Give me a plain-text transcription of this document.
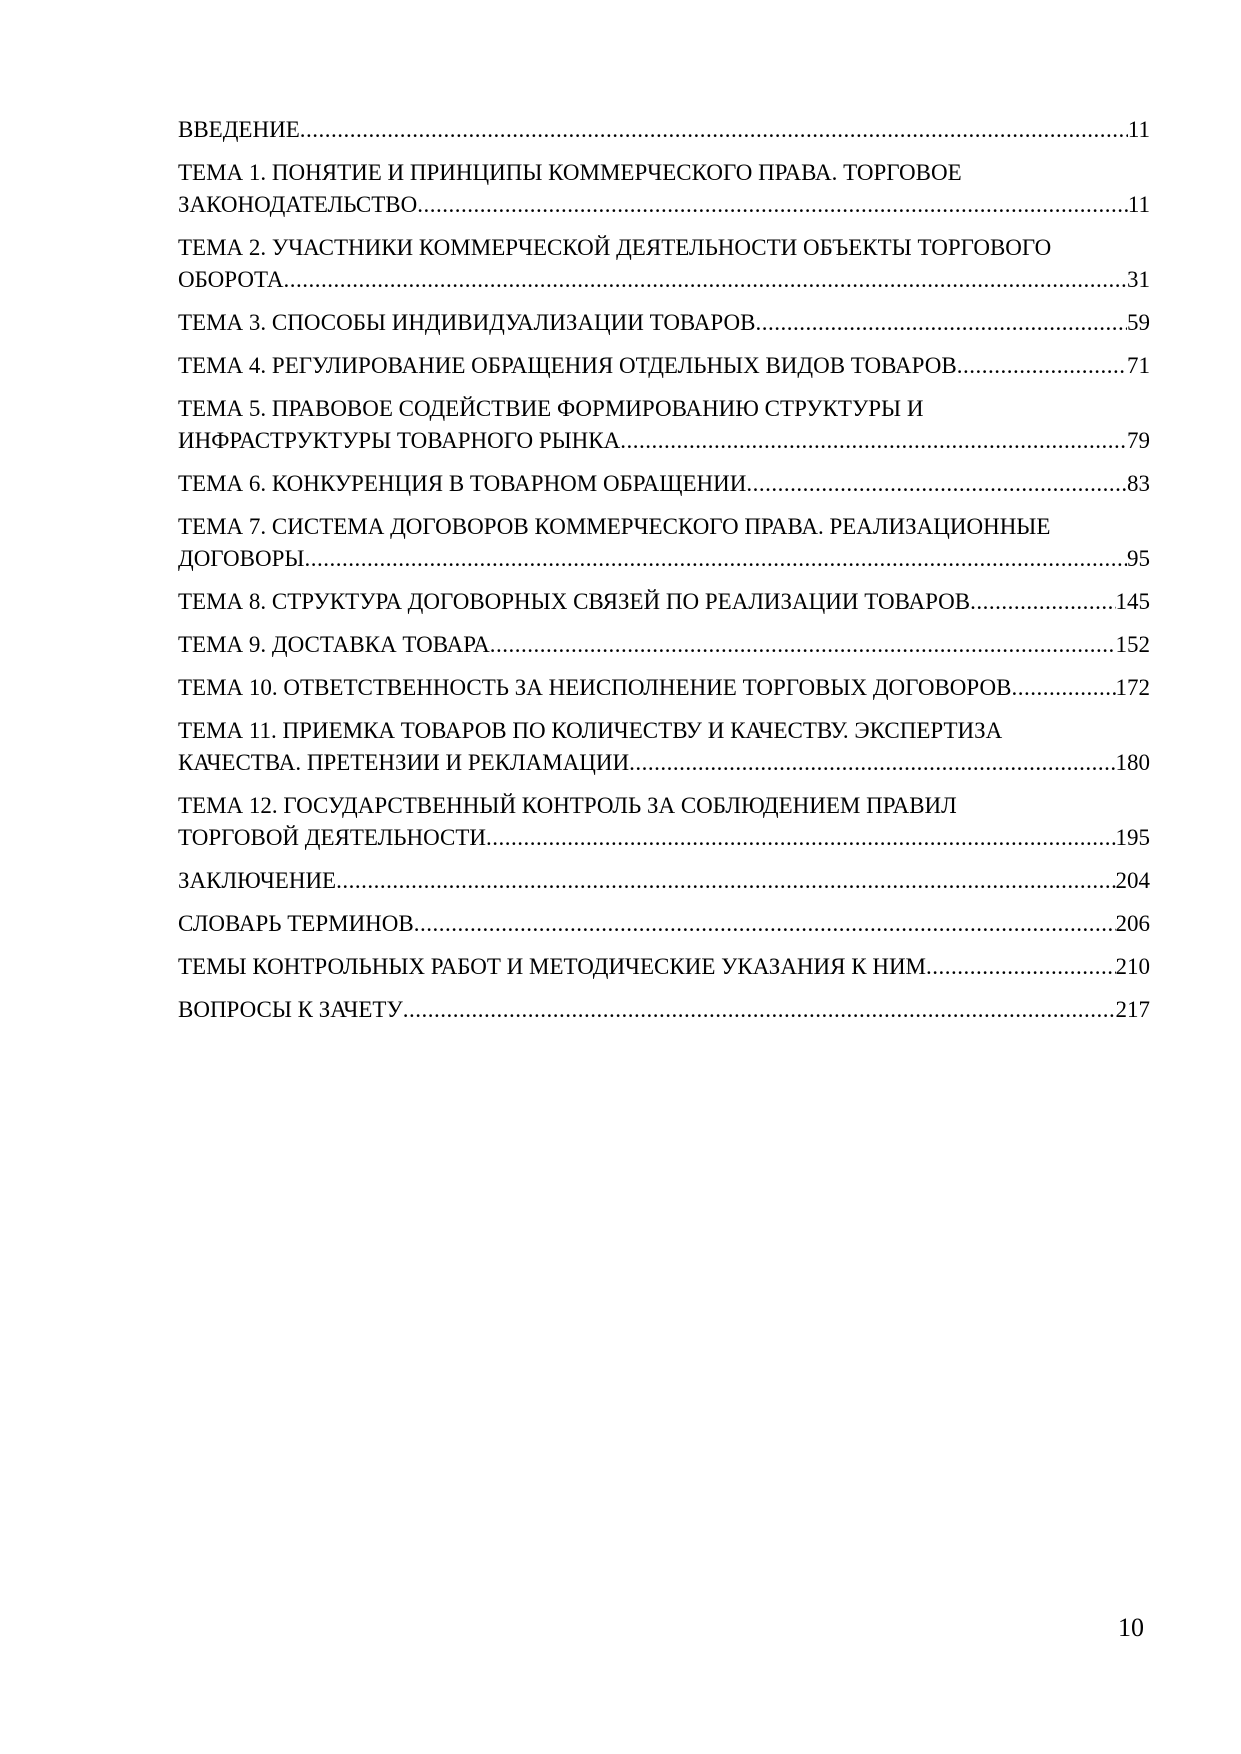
ВВЕДЕНИЕ .....	11
ТЕМА 1. ПОНЯТИЕ И ПРИНЦИПЫ КОММЕРЧЕСКОГО ПРАВА. ТОРГОВОЕ
ЗАКОНОДАТЕЛЬСТВО .....	11
ТЕМА 2. УЧАСТНИКИ КОММЕРЧЕСКОЙ ДЕЯТЕЛЬНОСТИ ОБЪЕКТЫ ТОРГОВОГО
ОБОРОТА .....	31
ТЕМА 3. СПОСОБЫ ИНДИВИДУАЛИЗАЦИИ ТОВАРОВ .....	59
ТЕМА 4. РЕГУЛИРОВАНИЕ ОБРАЩЕНИЯ ОТДЕЛЬНЫХ ВИДОВ ТОВАРОВ .....	71
ТЕМА 5. ПРАВОВОЕ СОДЕЙСТВИЕ ФОРМИРОВАНИЮ СТРУКТУРЫ И
ИНФРАСТРУКТУРЫ ТОВАРНОГО РЫНКА .....	79
ТЕМА 6. КОНКУРЕНЦИЯ В ТОВАРНОМ ОБРАЩЕНИИ .....	83
ТЕМА 7. СИСТЕМА ДОГОВОРОВ КОММЕРЧЕСКОГО ПРАВА. РЕАЛИЗАЦИОННЫЕ
ДОГОВОРЫ .....	95
ТЕМА 8. СТРУКТУРА ДОГОВОРНЫХ СВЯЗЕЙ ПО РЕАЛИЗАЦИИ ТОВАРОВ .....	145
ТЕМА 9. ДОСТАВКА ТОВАРА .....	152
ТЕМА 10. ОТВЕТСТВЕННОСТЬ ЗА НЕИСПОЛНЕНИЕ ТОРГОВЫХ ДОГОВОРОВ .....	172
ТЕМА 11. ПРИЕМКА ТОВАРОВ ПО КОЛИЧЕСТВУ И КАЧЕСТВУ. ЭКСПЕРТИЗА
КАЧЕСТВА. ПРЕТЕНЗИИ И РЕКЛАМАЦИИ .....	180
ТЕМА 12. ГОСУДАРСТВЕННЫЙ КОНТРОЛЬ ЗА СОБЛЮДЕНИЕМ ПРАВИЛ
ТОРГОВОЙ ДЕЯТЕЛЬНОСТИ .....	195
ЗАКЛЮЧЕНИЕ .....	204
СЛОВАРЬ ТЕРМИНОВ .....	206
ТЕМЫ КОНТРОЛЬНЫХ РАБОТ И МЕТОДИЧЕСКИЕ УКАЗАНИЯ К НИМ .....	210
ВОПРОСЫ К ЗАЧЕТУ .....	217
10
